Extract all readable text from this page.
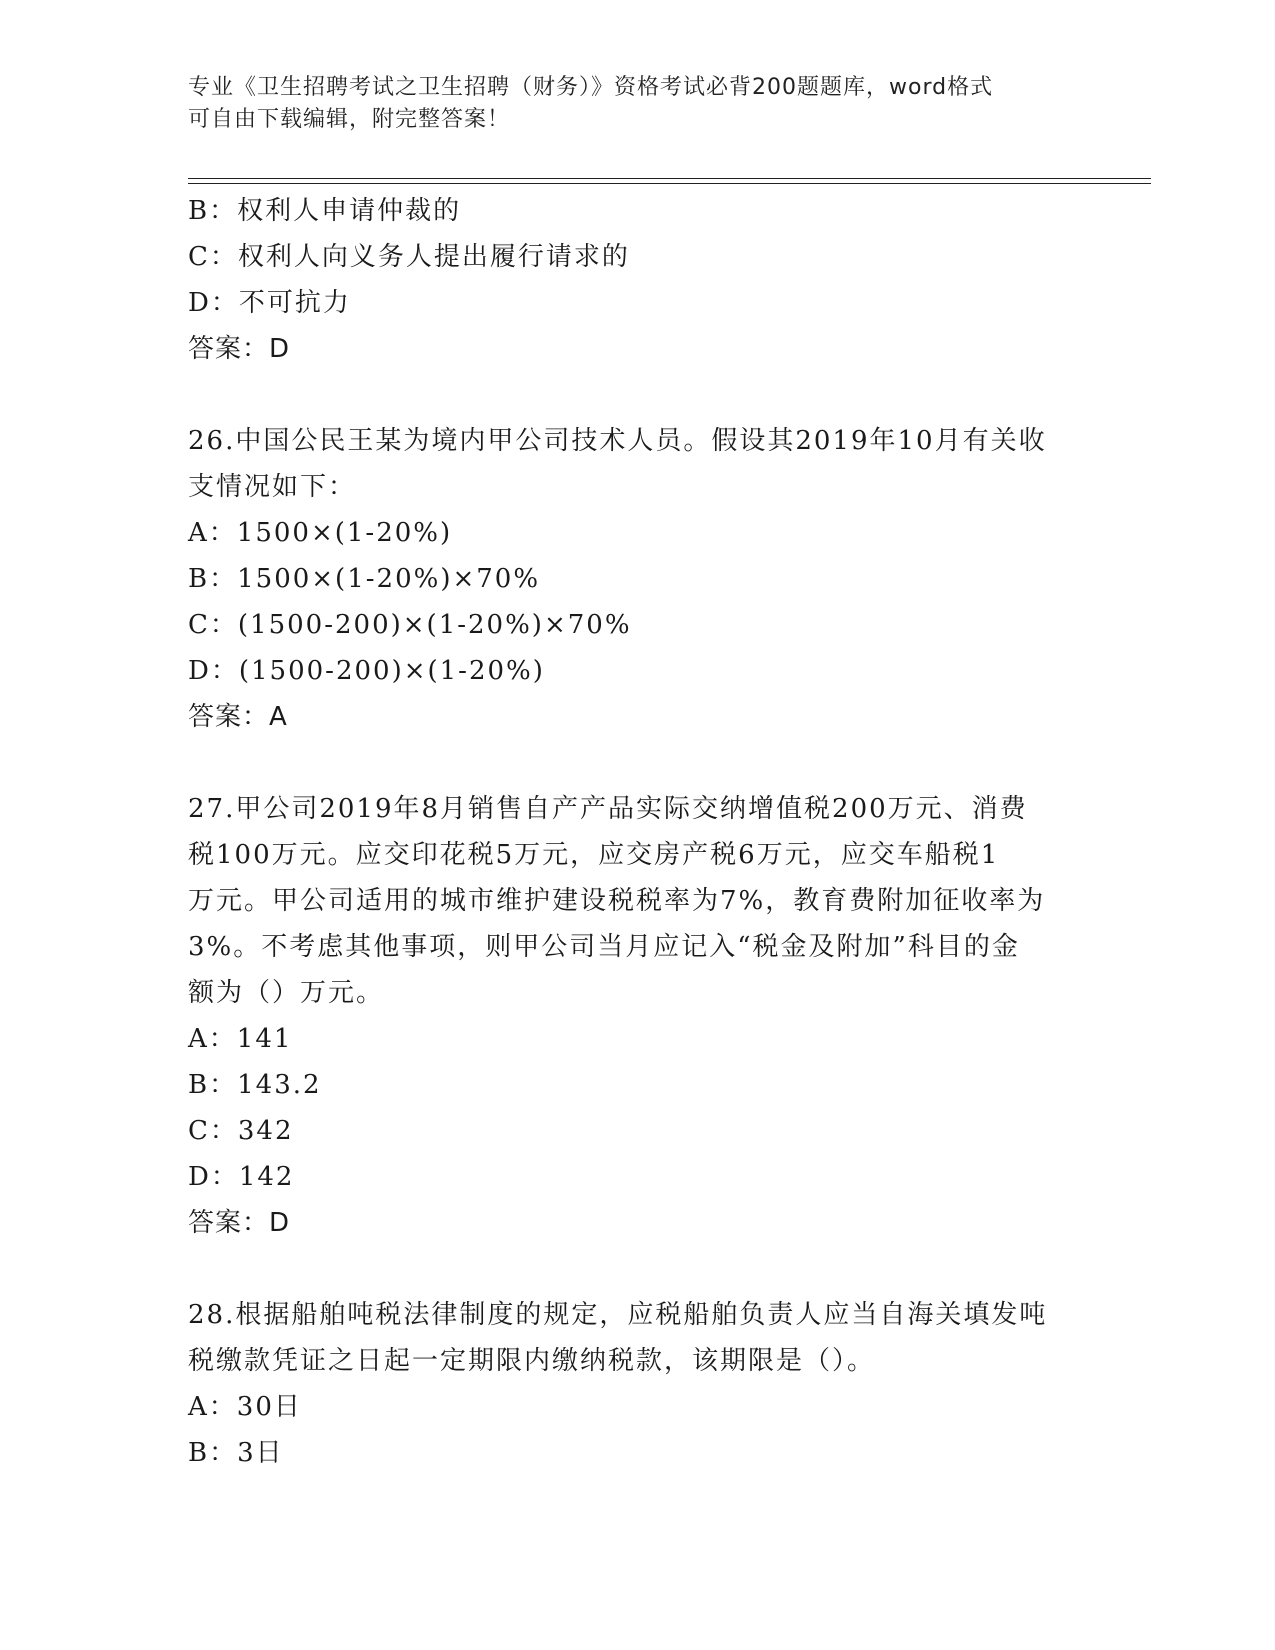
专业《卫生招聘考试之卫生招聘（财务）》资格考试必背200题题库，word格式
可自由下载编辑，附完整答案！
B：权利人申请仲裁的
C：权利人向义务人提出履行请求的
D：不可抗力
答案：D
26.中国公民王某为境内甲公司技术人员。假设其2019年10月有关收
支情况如下：
A：1500×(1-20%)
B：1500×(1-20%)×70%
C：(1500-200)×(1-20%)×70%
D：(1500-200)×(1-20%)
答案：A
27.甲公司2019年8月销售自产产品实际交纳增值税200万元、消费
税100万元。应交印花税5万元，应交房产税6万元，应交车船税1
万元。甲公司适用的城市维护建设税税率为7%，教育费附加征收率为
3%。不考虑其他事项，则甲公司当月应记入“税金及附加”科目的金
额为（）万元。
A：141
B：143.2
C：342
D：142
答案：D
28.根据船舶吨税法律制度的规定，应税船舶负责人应当自海关填发吨
税缴款凭证之日起一定期限内缴纳税款，该期限是（）。
A：30日
B：3日
